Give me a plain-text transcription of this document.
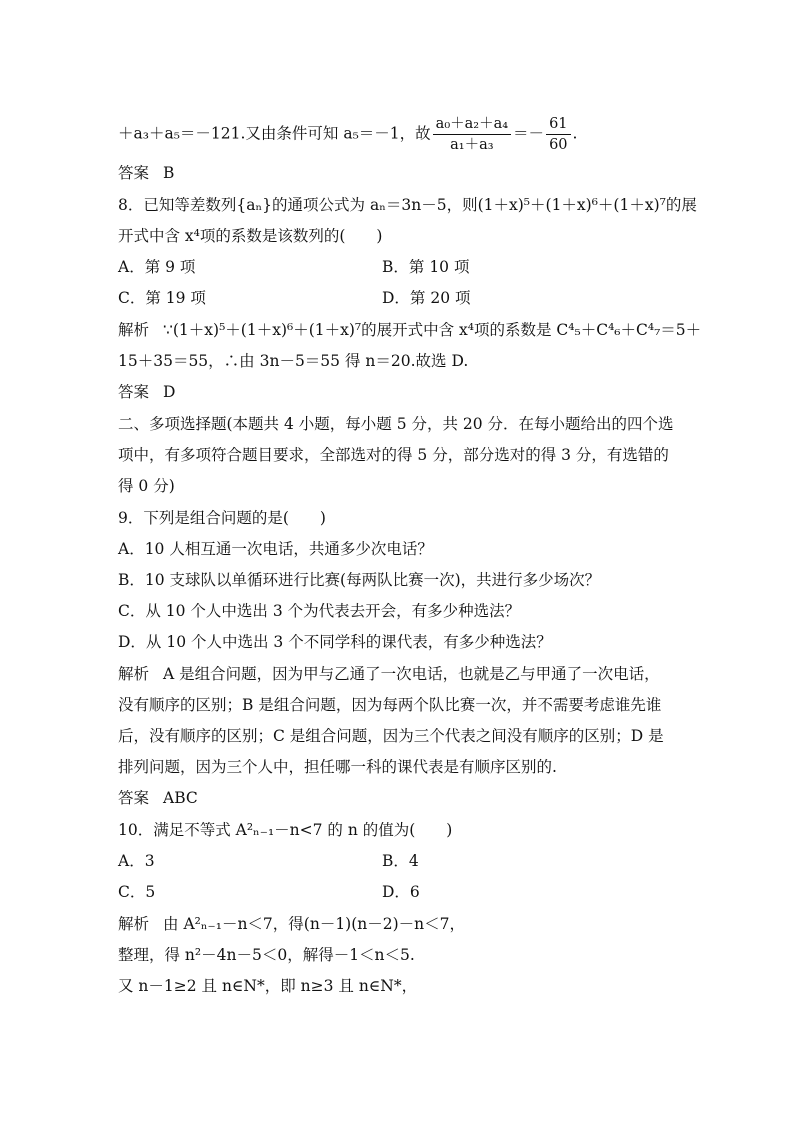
＋a₃＋a₅＝－121.又由条件可知 a₅＝－1，故 $\frac{\text{a₀＋a₂＋a₄}}{\text{a₁＋a₃}} =- \frac{61}{60}$ .
答案 B
8．已知等差数列{aₙ}的通项公式为 aₙ＝3n－5，则(1＋x)⁵＋(1＋x)⁶＋(1＋x)⁷的展
开式中含 x⁴项的系数是该数列的(　　)
A．第 9 项	B．第 10 项
C．第 19 项	D．第 20 项
解析 ∵(1＋x)⁵＋(1＋x)⁶＋(1＋x)⁷的展开式中含 x⁴项的系数是 C⁴₅＋C⁴₆＋C⁴₇＝5＋
15＋35＝55，∴由 3n－5＝55 得 n＝20.故选 D.
答案 D
二、多项选择题(本题共 4 小题，每小题 5 分，共 20 分．在每小题给出的四个选
项中，有多项符合题目要求，全部选对的得 5 分，部分选对的得 3 分，有选错的
得 0 分)
9．下列是组合问题的是(　　)
A．10 人相互通一次电话，共通多少次电话？
B．10 支球队以单循环进行比赛(每两队比赛一次)，共进行多少场次？
C．从 10 个人中选出 3 个为代表去开会，有多少种选法？
D．从 10 个人中选出 3 个不同学科的课代表，有多少种选法？
解析 A 是组合问题，因为甲与乙通了一次电话，也就是乙与甲通了一次电话，
没有顺序的区别；B 是组合问题，因为每两个队比赛一次，并不需要考虑谁先谁
后，没有顺序的区别；C 是组合问题，因为三个代表之间没有顺序的区别；D 是
排列问题，因为三个人中，担任哪一科的课代表是有顺序区别的.
答案 ABC
10．满足不等式 A²ₙ₋₁－n<7 的 n 的值为(　　)
A．3	B．4
C．5	D．6
解析 由 A²ₙ₋₁－n＜7，得(n－1)(n－2)－n＜7，
整理，得 n²－4n－5＜0，解得－1＜n＜5.
又 n－1≥2 且 n∈N*，即 n≥3 且 n∈N*，
